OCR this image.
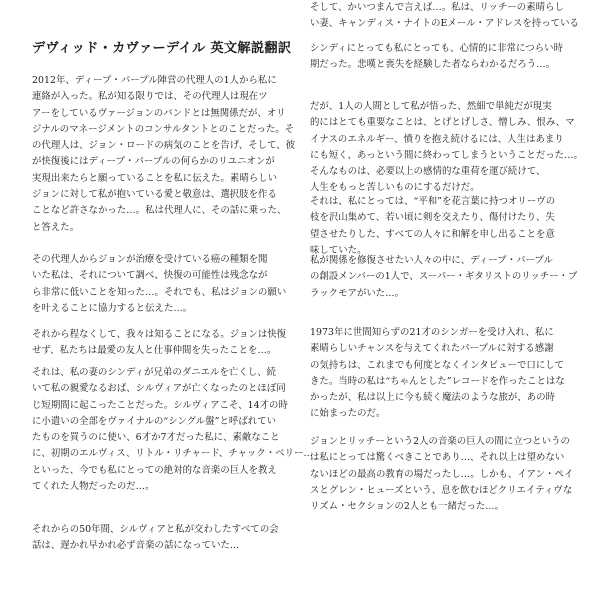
デヴィッド・カヴァーデイル 英文解説翻訳
2012年、ディープ・パープル陣営の代理人の1人から私に
連絡が入った。私が知る限りでは、その代理人は現在ツ
アーをしているヴァージョンのバンドとは無関係だが、オリ
ジナルのマネージメントのコンサルタントとのことだった。そ
の代理人は、ジョン・ロードの病気のことを告げ、そして、彼
が快復後にはディープ・パープルの何らかのリユニオンが
実現出来たらと願っていることを私に伝えた。素晴らしい
ジョンに対して私が抱いている愛と敬意は、選択肢を作る
ことなど許さなかった…。私は代理人に、その話に乗った、
と答えた。
その代理人からジョンが治療を受けている癌の種類を聞
いた私は、それについて調べ、快復の可能性は残念なが
ら非常に低いことを知った…。それでも、私はジョンの願い
を叶えることに協力すると伝えた…。
それから程なくして、我々は知ることになる。ジョンは快復
せず、私たちは最愛の友人と仕事仲間を失ったことを…。
それは、私の妻のシンディが兄弟のダニエルを亡くし、続
いて私の親愛なるおば、シルヴィアが亡くなったのとほぼ同
じ短期間に起こったことだった。シルヴィアこそ、14才の時
に小遣いの全部をヴァイナルの“シングル盤”と呼ばれてい
たものを買うのに使い、6才か7才だった私に、素敵なこと
に、初期のエルヴィス、リトル・リチャード、チャック・ベリー…
といった、今でも私にとっての絶対的な音楽の巨人を教え
てくれた人物だったのだ…。
それからの50年間、シルヴィアと私が交わしたすべての会
話は、遅かれ早かれ必ず音楽の話になっていた…
シンディにとっても私にとっても、心情的に非常につらい時
期だった。悲嘆と喪失を経験した者ならわかるだろう…。
だが、1人の人間として私が悟った、然細で単純だが現実
的にはとても重要なことは、とげとげしさ、憎しみ、恨み、マ
イナスのエネルギー、憤りを抱え続けるには、人生はあまり
にも短く、あっという間に終わってしまうということだった…。
そんなものは、必要以上の感情的な重荷を運び続けて、
人生をもっと苦しいものにするだけだ。
それは、私にとっては、“平和”を花言葉に持つオリーヴの
枝を沢山集めて、若い頃に剣を交えたり、傷付けたり、失
望させたりした、すべての人々に和解を申し出ることを意
味していた。
私が関係を修復させたい人々の中に、ディープ・パープル
の創設メンバーの1人で、スーパー・ギタリストのリッチー・ブ
ラックモアがいた…。
1973年に世間知らずの21才のシンガーを受け入れ、私に
素晴らしいチャンスを与えてくれたパープルに対する感謝
の気持ちは、これまでも何度となくインタビューで口にして
きた。当時の私は“ちゃんとした”レコードを作ったことはな
かったが、私は以上に今も続く魔法のような旅が、あの時
に始まったのだ。
ジョンとリッチーという2人の音楽の巨人の間に立つというの
は私にとっては驚くべきことであり…、それ以上は望めない
ないほどの最高の教育の場だったし…。しかも、イアン・ペイ
スとグレン・ヒューズという、息を飲むほどクリエイティヴな
リズム・セクションの2人とも一緒だった…。
そして、かいつまんで言えば…。私は、リッチーの素晴らし
い妻、キャンディス・ナイトのEメール・アドレスを持っている
